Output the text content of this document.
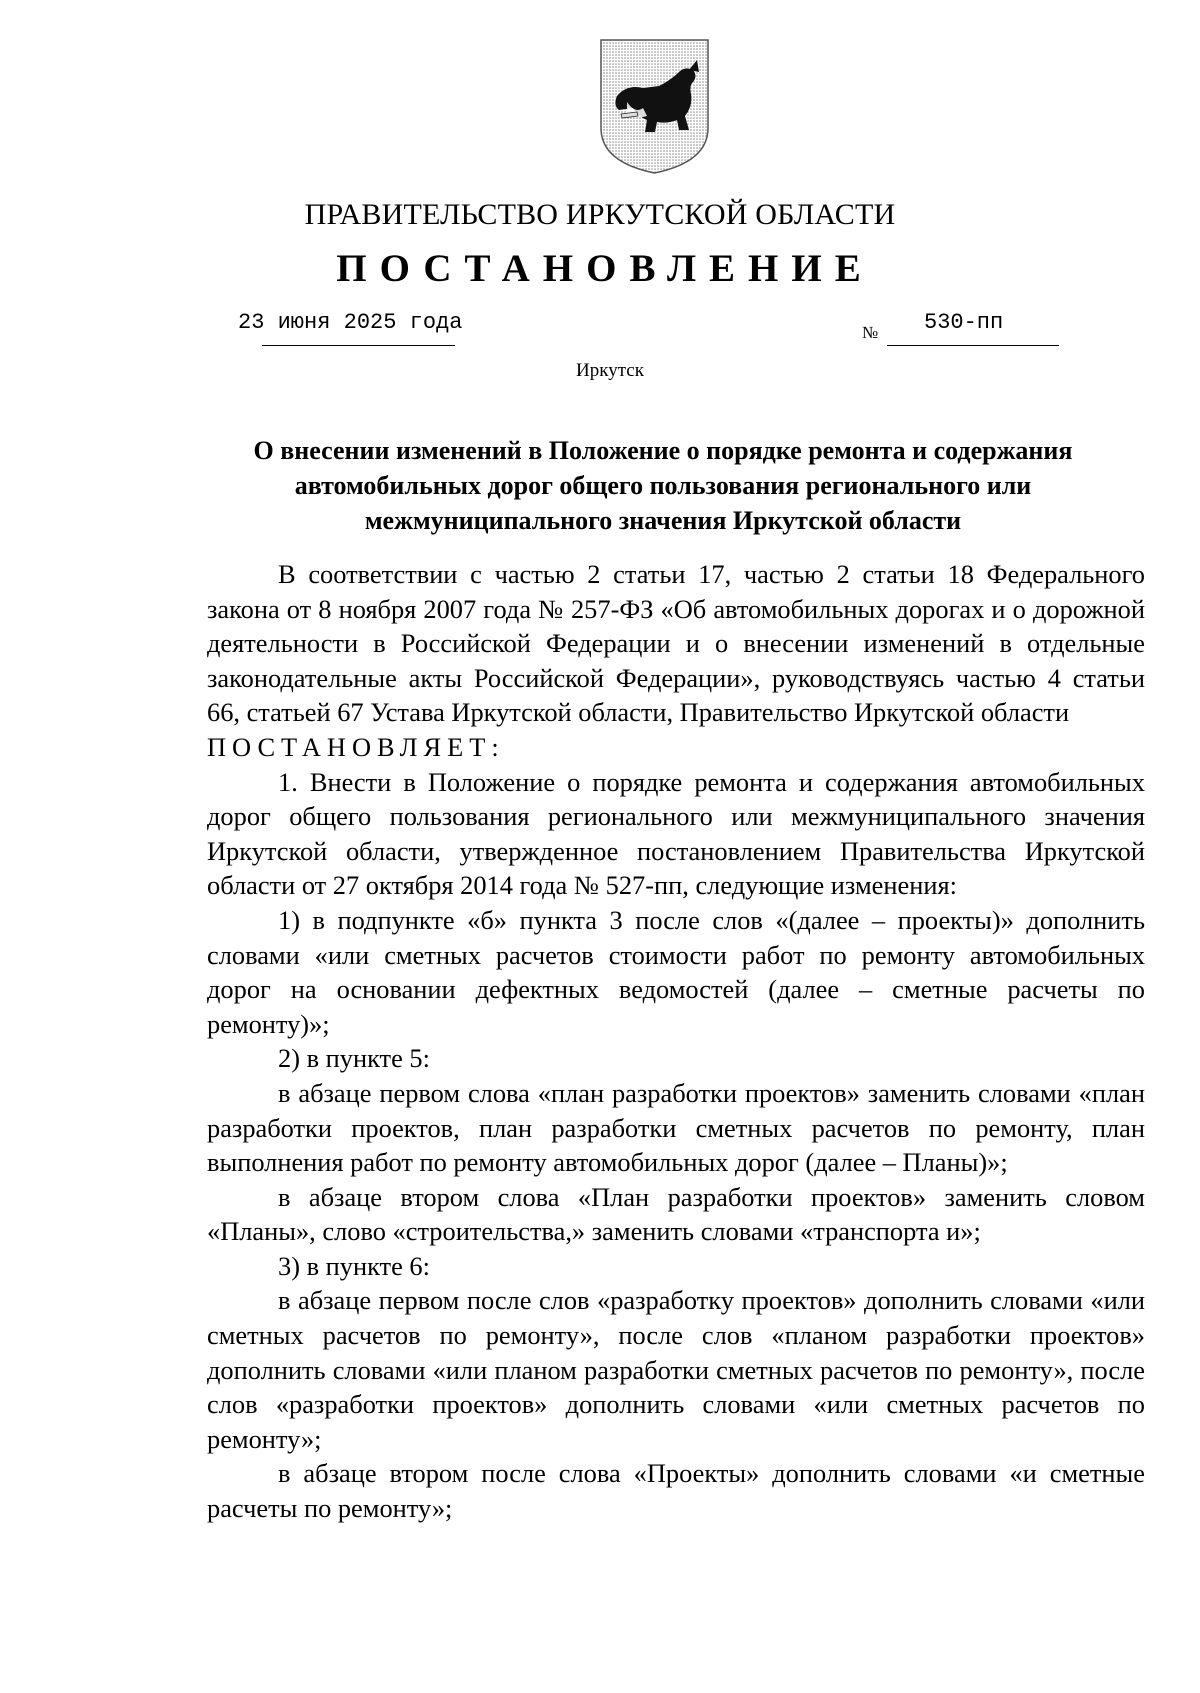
ПРАВИТЕЛЬСТВО ИРКУТСКОЙ ОБЛАСТИ
ПОСТАНОВЛЕНИЕ
23 июня 2025 года	№ 530-пп
Иркутск
О внесении изменений в Положение о порядке ремонта и содержания автомобильных дорог общего пользования регионального или межмуниципального значения Иркутской области

В соответствии с частью 2 статьи 17, частью 2 статьи 18 Федерального закона от 8 ноября 2007 года № 257-ФЗ «Об автомобильных дорогах и о дорожной деятельности в Российской Федерации и о внесении изменений в отдельные законодательные акты Российской Федерации», руководствуясь частью 4 статьи 66, статьей 67 Устава Иркутской области, Правительство Иркутской области

ПОСТАНОВЛЯЕТ:

1. Внести в Положение о порядке ремонта и содержания автомобильных дорог общего пользования регионального или межмуниципального значения Иркутской области, утвержденное постановлением Правительства Иркутской области от 27 октября 2014 года № 527-пп, следующие изменения:

1) в подпункте «б» пункта 3 после слов «(далее – проекты)» дополнить словами «или сметных расчетов стоимости работ по ремонту автомобильных дорог на основании дефектных ведомостей (далее – сметные расчеты по ремонту)»;

2) в пункте 5:

в абзаце первом слова «план разработки проектов» заменить словами «план разработки проектов, план разработки сметных расчетов по ремонту, план выполнения работ по ремонту автомобильных дорог (далее – Планы)»;

в абзаце втором слова «План разработки проектов» заменить словом «Планы», слово «строительства,» заменить словами «транспорта и»;

3) в пункте 6:

в абзаце первом после слов «разработку проектов» дополнить словами «или сметных расчетов по ремонту», после слов «планом разработки проектов» дополнить словами «или планом разработки сметных расчетов по ремонту», после слов «разработки проектов» дополнить словами «или сметных расчетов по ремонту»;

в абзаце втором после слова «Проекты» дополнить словами «и сметные расчеты по ремонту»;
